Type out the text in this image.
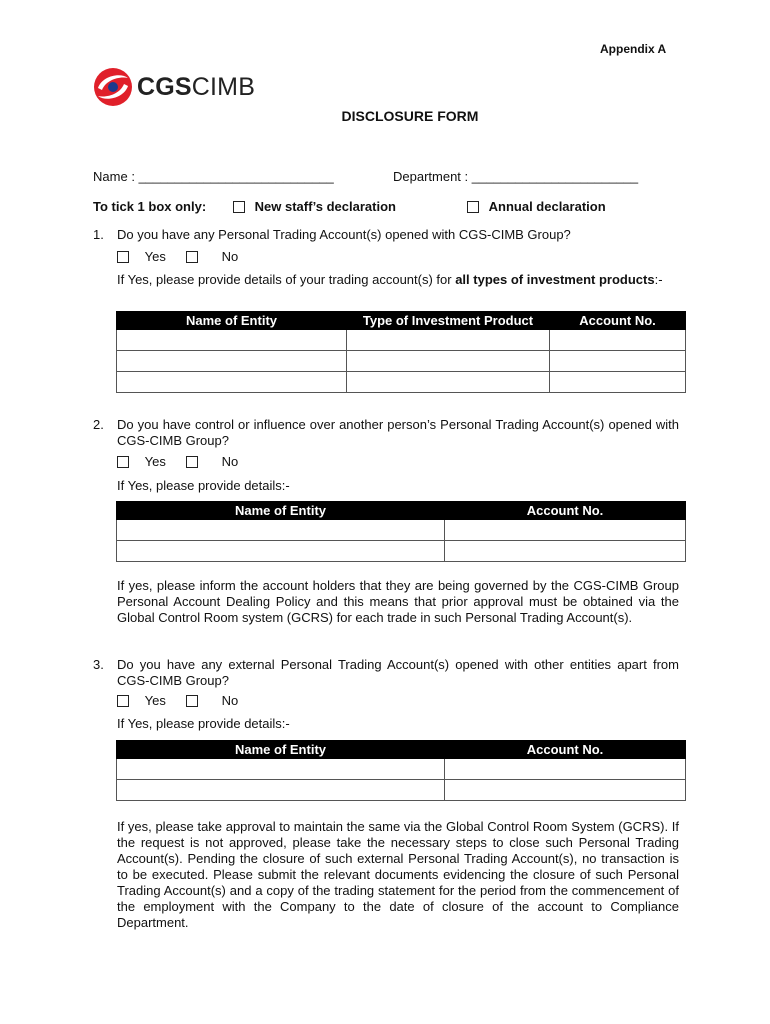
Appendix A
CGSCIMB
DISCLOSURE FORM
Name : ___________________________	Department : _______________________
To tick 1 box only:	New staff’s declaration	Annual declaration
1. Do you have any Personal Trading Account(s) opened with CGS-CIMB Group?
Yes	No
If Yes, please provide details of your trading account(s) for all types of investment products:-
Name of Entity	Type of Investment Product	Account No.

2. Do you have control or influence over another person’s Personal Trading Account(s) opened with CGS-CIMB Group?
Yes	No
If Yes, please provide details:-
Name of Entity	Account No.

If yes, please inform the account holders that they are being governed by the CGS-CIMB Group Personal Account Dealing Policy and this means that prior approval must be obtained via the Global Control Room system (GCRS) for each trade in such Personal Trading Account(s).
3. Do you have any external Personal Trading Account(s) opened with other entities apart from CGS-CIMB Group?
Yes	No
If Yes, please provide details:-
Name of Entity	Account No.

If yes, please take approval to maintain the same via the Global Control Room System (GCRS). If the request is not approved, please take the necessary steps to close such Personal Trading Account(s). Pending the closure of such external Personal Trading Account(s), no transaction is to be executed. Please submit the relevant documents evidencing the closure of such Personal Trading Account(s) and a copy of the trading statement for the period from the commencement of the employment with the Company to the date of closure of the account to Compliance Department.
